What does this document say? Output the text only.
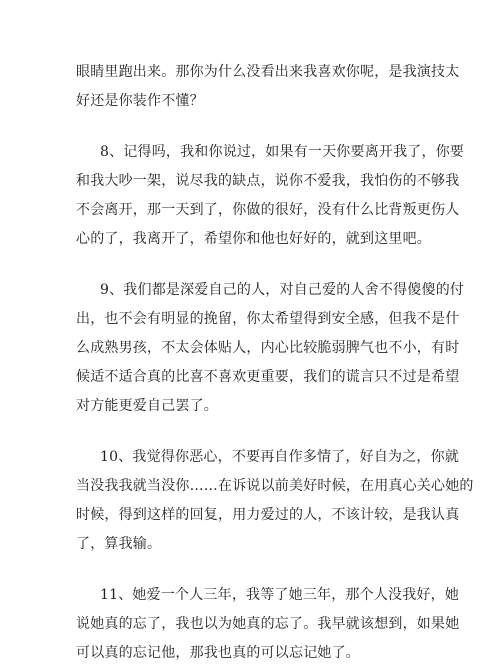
眼睛里跑出来。那你为什么没看出来我喜欢你呢，是我演技太
好还是你装作不懂？
8、记得吗，我和你说过，如果有一天你要离开我了，你要
和我大吵一架，说尽我的缺点，说你不爱我，我怕伤的不够我
不会离开，那一天到了，你做的很好，没有什么比背叛更伤人
心的了，我离开了，希望你和他也好好的，就到这里吧。
9、我们都是深爱自己的人，对自己爱的人舍不得傻傻的付
出，也不会有明显的挽留，你太希望得到安全感，但我不是什
么成熟男孩，不太会体贴人，内心比较脆弱脾气也不小，有时
候适不适合真的比喜不喜欢更重要，我们的谎言只不过是希望
对方能更爱自己罢了。
10、我觉得你恶心，不要再自作多情了，好自为之，你就
当没我我就当没你……在诉说以前美好时候，在用真心关心她的
时候，得到这样的回复，用力爱过的人，不该计较，是我认真
了，算我输。
11、她爱一个人三年，我等了她三年，那个人没我好，她
说她真的忘了，我也以为她真的忘了。我早就该想到，如果她
可以真的忘记他，那我也真的可以忘记她了。
